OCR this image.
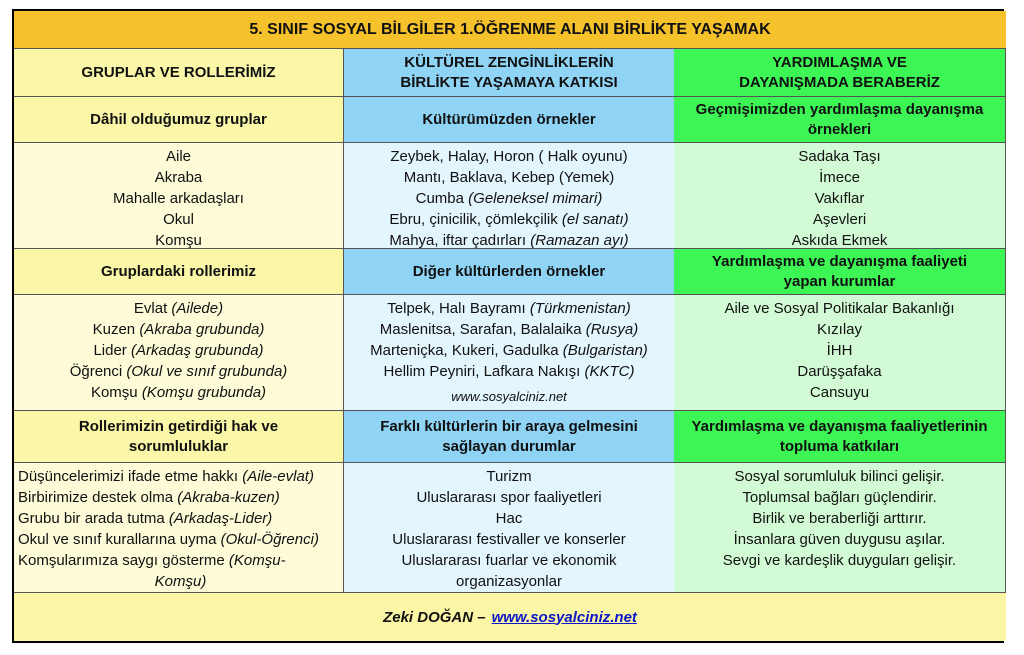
5. SINIF SOSYAL BİLGİLER 1.ÖĞRENME ALANI BİRLİKTE YAŞAMAK
GRUPLAR VE ROLLERİMİZ
KÜLTÜREL ZENGİNLİKLERİN
BİRLİKTE YAŞAMAYA KATKISI
YARDIMLAŞMA VE
DAYANIŞMADA BERABERİZ
Dâhil olduğumuz gruplar	Kültürümüzden örnekler
Geçmişimizden yardımlaşma dayanışma
örnekleri
Aile
Akraba
Mahalle arkadaşları
Okul
Komşu
Zeybek, Halay, Horon ( Halk oyunu)
Mantı, Baklava, Kebep (Yemek)
Cumba (Geleneksel mimari)
Ebru, çinicilik, çömlekçilik (el sanatı)
Mahya, iftar çadırları (Ramazan ayı)
Sadaka Taşı
İmece
Vakıflar
Aşevleri
Askıda Ekmek
Gruplardaki rollerimiz	Diğer kültürlerden örnekler
Yardımlaşma ve dayanışma faaliyeti
yapan kurumlar
Evlat (Ailede)
Kuzen (Akraba grubunda)
Lider (Arkadaş grubunda)
Öğrenci (Okul ve sınıf grubunda)
Komşu (Komşu grubunda)
Telpek, Halı Bayramı (Türkmenistan)
Maslenitsa, Sarafan, Balalaika (Rusya)
Marteniçka, Kukeri, Gadulka (Bulgaristan)
Hellim Peyniri, Lafkara Nakışı (KKTC)
www.sosyalciniz.net
Aile ve Sosyal Politikalar Bakanlığı
Kızılay
İHH
Darüşşafaka
Cansuyu
Rollerimizin getirdiği hak ve
sorumluluklar
Farklı kültürlerin bir araya gelmesini
sağlayan durumlar
Yardımlaşma ve dayanışma faaliyetlerinin
topluma katkıları
Düşüncelerimizi ifade etme hakkı (Aile-evlat)
Birbirimize destek olma (Akraba-kuzen)
Grubu bir arada tutma (Arkadaş-Lider)
Okul ve sınıf kurallarına uyma (Okul-Öğrenci)
Komşularımıza saygı gösterme (Komşu-
Komşu)
Turizm
Uluslararası spor faaliyetleri
Hac
Uluslararası festivaller ve konserler
Uluslararası fuarlar ve ekonomik
organizasyonlar
Sosyal sorumluluk bilinci gelişir.
Toplumsal bağları güçlendirir.
Birlik ve beraberliği arttırır.
İnsanlara güven duygusu aşılar.
Sevgi ve kardeşlik duyguları gelişir.
Zeki DOĞAN – www.sosyalciniz.net
